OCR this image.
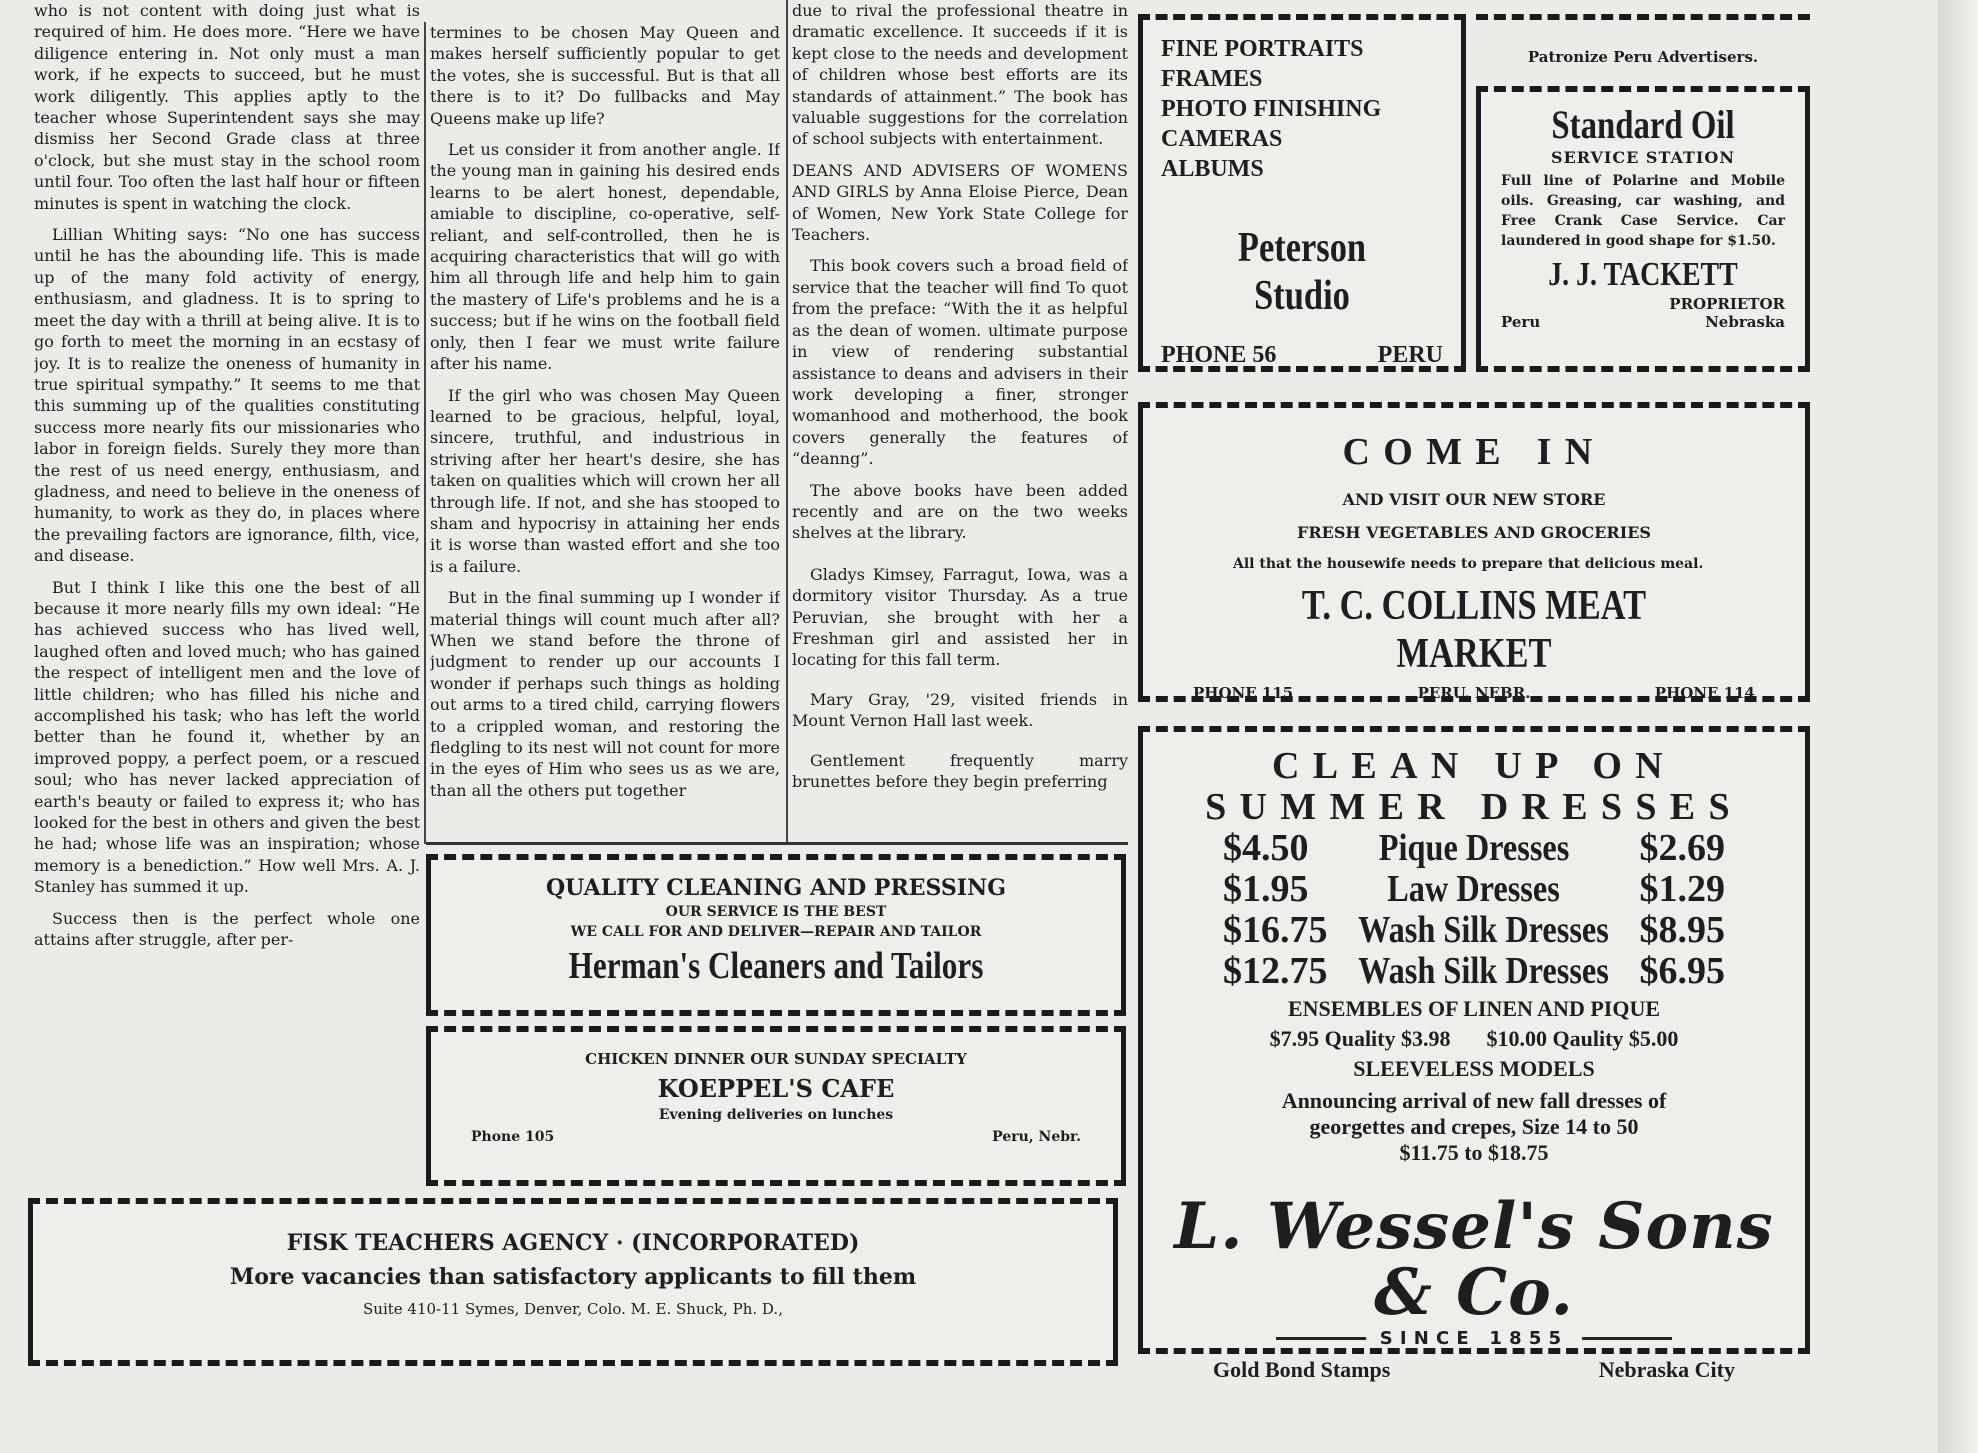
who is not content with doing just what is required of him. He does more. “Here we have diligence entering in. Not only must a man work, if he expects to succeed, but he must work diligently. This applies aptly to the teacher whose Superintendent says she may dismiss her Second Grade class at three o'clock, but she must stay in the school room until four. Too often the last half hour or fifteen minutes is spent in watching the clock.

Lillian Whiting says: “No one has success until he has the abounding life. This is made up of the many fold activity of energy, enthusiasm, and gladness. It is to spring to meet the day with a thrill at being alive. It is to go forth to meet the morning in an ecstasy of joy. It is to realize the oneness of humanity in true spiritual sympathy.” It seems to me that this summing up of the qualities constituting success more nearly fits our missionaries who labor in foreign fields. Surely they more than the rest of us need energy, enthusiasm, and gladness, and need to believe in the oneness of humanity, to work as they do, in places where the prevailing factors are ignorance, filth, vice, and disease.

But I think I like this one the best of all because it more nearly fills my own ideal: “He has achieved success who has lived well, laughed often and loved much; who has gained the respect of intelligent men and the love of little children; who has filled his niche and accomplished his task; who has left the world better than he found it, whether by an improved poppy, a perfect poem, or a rescued soul; who has never lacked appreciation of earth's beauty or failed to express it; who has looked for the best in others and given the best he had; whose life was an inspiration; whose memory is a benediction.” How well Mrs. A. J. Stanley has summed it up.

Success then is the perfect whole one attains after struggle, after per-

termines to be chosen May Queen and makes herself sufficiently popular to get the votes, she is successful. But is that all there is to it? Do fullbacks and May Queens make up life?

Let us consider it from another angle. If the young man in gaining his desired ends learns to be alert honest, dependable, amiable to discipline, co-operative, self-reliant, and self-controlled, then he is acquiring characteristics that will go with him all through life and help him to gain the mastery of Life's problems and he is a success; but if he wins on the football field only, then I fear we must write failure after his name.

If the girl who was chosen May Queen learned to be gracious, helpful, loyal, sincere, truthful, and industrious in striving after her heart's desire, she has taken on qualities which will crown her all through life. If not, and she has stooped to sham and hypocrisy in attaining her ends it is worse than wasted effort and she too is a failure.

But in the final summing up I wonder if material things will count much after all? When we stand before the throne of judgment to render up our accounts I wonder if perhaps such things as holding out arms to a tired child, carrying flowers to a crippled woman, and restoring the fledgling to its nest will not count for more in the eyes of Him who sees us as we are, than all the others put together

due to rival the professional theatre in dramatic excellence. It succeeds if it is kept close to the needs and development of children whose best efforts are its standards of attainment.” The book has valuable suggestions for the correlation of school subjects with entertainment.

DEANS AND ADVISERS OF WOMENS AND GIRLS by Anna Eloise Pierce, Dean of Women, New York State College for Teachers.

This book covers such a broad field of service that the teacher will find To quot from the preface: “With the it as helpful as the dean of women. ultimate purpose in view of rendering substantial assistance to deans and advisers in their work developing a finer, stronger womanhood and motherhood, the book covers generally the features of “deanng”.

The above books have been added recently and are on the two weeks shelves at the library.

Gladys Kimsey, Farragut, Iowa, was a dormitory visitor Thursday. As a true Peruvian, she brought with her a Freshman girl and assisted her in locating for this fall term.

Mary Gray, '29, visited friends in Mount Vernon Hall last week.

Gentlement frequently marry brunettes before they begin preferring

FINE PORTRAITS
FRAMES
PHOTO FINISHING
CAMERAS
ALBUMS
Peterson Studio
PHONE 56	PERU
Patronize Peru Advertisers.
Standard Oil
SERVICE STATION
Full line of Polarine and Mobile oils. Greasing, car washing, and Free Crank Case Service. Car laundered in good shape for $1.50.
J. J. TACKETT
PROPRIETOR
Peru	Nebraska
COME IN
AND VISIT OUR NEW STORE
FRESH VEGETABLES AND GROCERIES
All that the housewife needs to prepare that delicious meal.
T. C. COLLINS MEAT MARKET
PHONE 115	PERU, NEBR.	PHONE 114
CLEAN UP ON
SUMMER DRESSES
$4.50 Pique Dresses $2.69
$1.95 Law Dresses $1.29
$16.75 Wash Silk Dresses $8.95
$12.75 Wash Silk Dresses $6.95
ENSEMBLES OF LINEN AND PIQUE
$7.95 Quality $3.98 $10.00 Qaulity $5.00
SLEEVELESS MODELS
Announcing arrival of new fall dresses of
georgettes and crepes, Size 14 to 50
$11.75 to $18.75
L. Wessel's Sons & Co.
SINCE 1855
Gold Bond Stamps	Nebraska City
QUALITY CLEANING AND PRESSING
OUR SERVICE IS THE BEST
WE CALL FOR AND DELIVER—REPAIR AND TAILOR
Herman's Cleaners and Tailors
CHICKEN DINNER OUR SUNDAY SPECIALTY
KOEPPEL'S CAFE
Evening deliveries on lunches
Phone 105	Peru, Nebr.
FISK TEACHERS AGENCY · (INCORPORATED)
More vacancies than satisfactory applicants to fill them
Suite 410-11 Symes, Denver, Colo. M. E. Shuck, Ph. D.,
